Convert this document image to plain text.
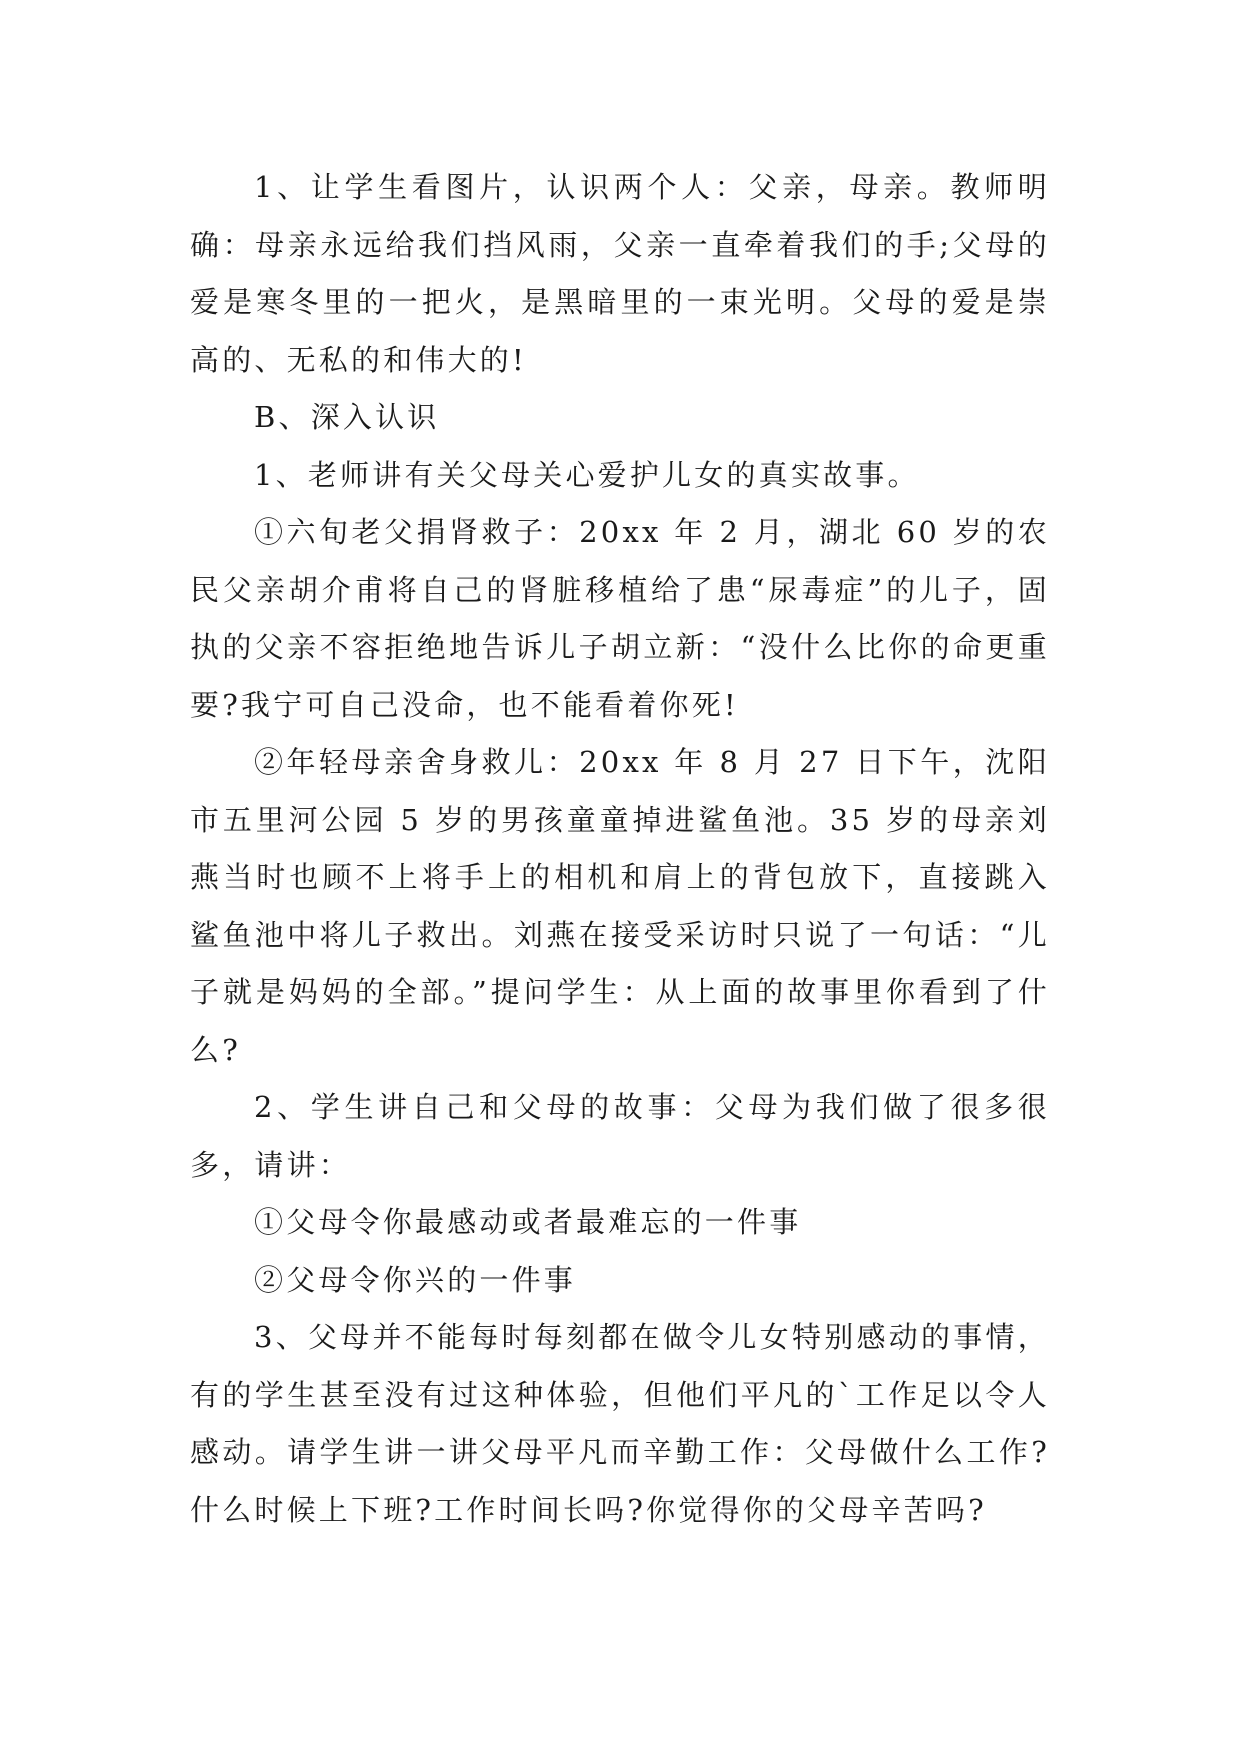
1、让学生看图片，认识两个人：父亲，母亲。教师明确：母亲永远给我们挡风雨，父亲一直牵着我们的手;父母的爱是寒冬里的一把火，是黑暗里的一束光明。父母的爱是崇高的、无私的和伟大的!

B、深入认识

1、老师讲有关父母关心爱护儿女的真实故事。

①六旬老父捐肾救子：20xx 年 2 月，湖北 60 岁的农民父亲胡介甫将自己的肾脏移植给了患“尿毒症”的儿子，固执的父亲不容拒绝地告诉儿子胡立新：“没什么比你的命更重要?我宁可自己没命，也不能看着你死!

②年轻母亲舍身救儿：20xx 年 8 月 27 日下午，沈阳市五里河公园 5 岁的男孩童童掉进鲨鱼池。35 岁的母亲刘燕当时也顾不上将手上的相机和肩上的背包放下，直接跳入鲨鱼池中将儿子救出。刘燕在接受采访时只说了一句话：“儿子就是妈妈的全部。”提问学生：从上面的故事里你看到了什么?

2、学生讲自己和父母的故事：父母为我们做了很多很多，请讲：

①父母令你最感动或者最难忘的一件事

②父母令你兴的一件事

3、父母并不能每时每刻都在做令儿女特别感动的事情，有的学生甚至没有过这种体验，但他们平凡的`工作足以令人感动。请学生讲一讲父母平凡而辛勤工作：父母做什么工作?什么时候上下班?工作时间长吗?你觉得你的父母辛苦吗?
